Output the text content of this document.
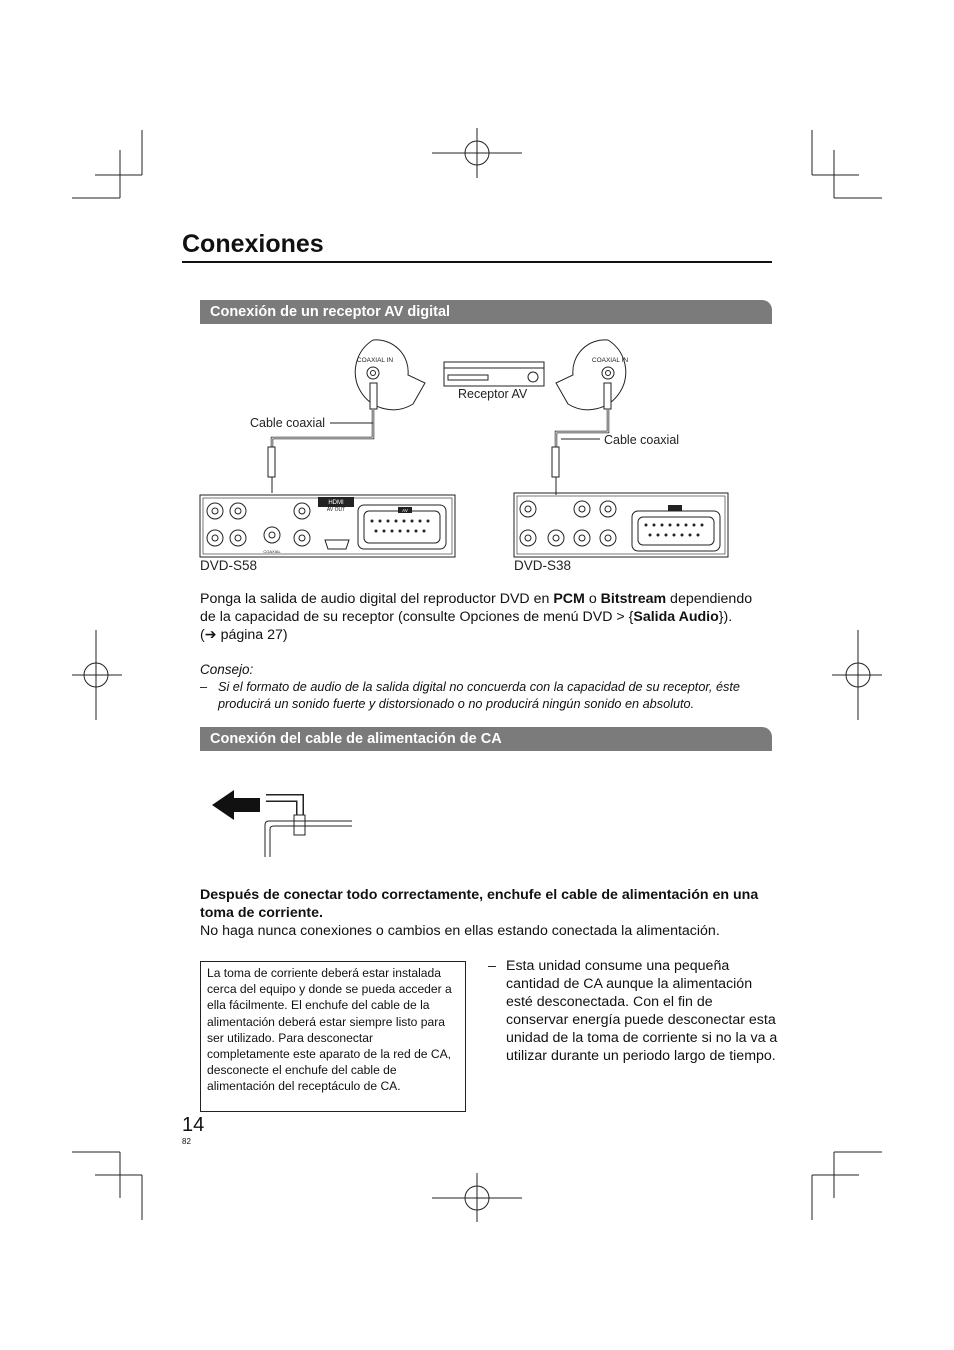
Conexiones
Conexión de un receptor AV digital
COAXIAL IN	COAXIAL IN
Receptor AV
Cable coaxial
Cable coaxial
DVD-S58	DVD-S38
HDMI
AV OUT	AV
COAXIAL
Ponga la salida de audio digital del reproductor DVD en PCM o Bitstream dependiendo de la capacidad de su receptor (consulte Opciones de menú DVD > {Salida Audio}).
(➔ página 27)
Consejo:
– Si el formato de audio de la salida digital no concuerda con la capacidad de su receptor, éste producirá un sonido fuerte y distorsionado o no producirá ningún sonido en absoluto.
Conexión del cable de alimentación de CA
Después de conectar todo correctamente, enchufe el cable de alimentación en una toma de corriente.
No haga nunca conexiones o cambios en ellas estando conectada la alimentación.
La toma de corriente deberá estar instalada cerca del equipo y donde se pueda acceder a ella fácilmente. El enchufe del cable de la alimentación deberá estar siempre listo para ser utilizado. Para desconectar completamente este aparato de la red de CA, desconecte el enchufe del cable de alimentación del receptáculo de CA.
– Esta unidad consume una pequeña cantidad de CA aunque la alimentación esté desconectada. Con el fin de conservar energía puede desconectar esta unidad de la toma de corriente si no la va a utilizar durante un periodo largo de tiempo.
14
82
